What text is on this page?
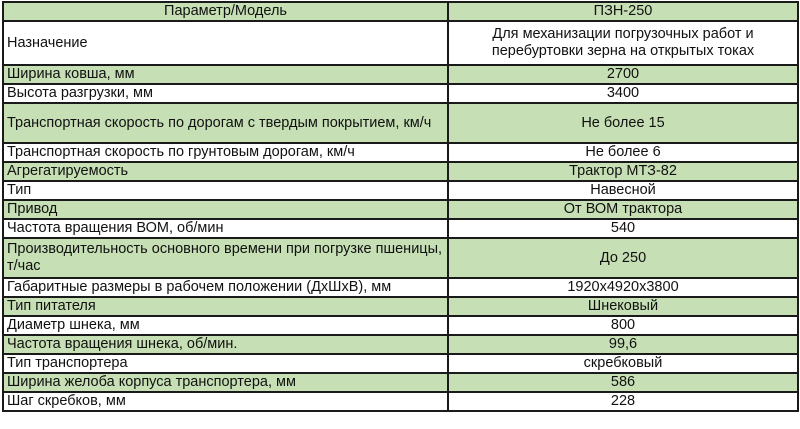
Параметр/Модель	ПЗН-250
Назначение	Для механизации погрузочных работ и перебуртовки зерна на открытых токах
Ширина ковша, мм	2700
Высота разгрузки, мм	3400
Транспортная скорость по дорогам с твердым покрытием, км/ч	Не более 15
Транспортная скорость по грунтовым дорогам, км/ч	Не более 6
Агрегатируемость	Трактор МТЗ-82
Тип	Навесной
Привод	От ВОМ трактора
Частота вращения ВОМ, об/мин	540
Производительность основного времени при погрузке пшеницы, т/час	До 250
Габаритные размеры в рабочем положении (ДхШхВ), мм	1920x4920x3800
Тип питателя	Шнековый
Диаметр шнека, мм	800
Частота вращения шнека, об/мин.	99,6
Тип транспортера	скребковый
Ширина желоба корпуса транспортера, мм	586
Шаг скребков, мм	228
